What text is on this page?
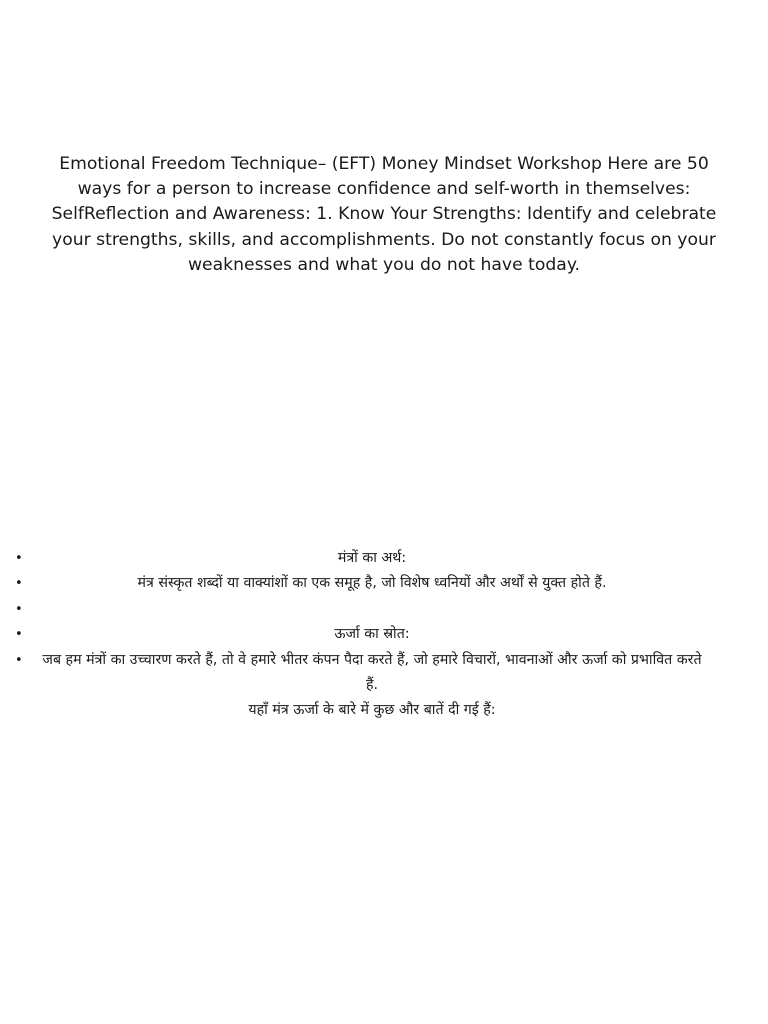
Emotional Freedom Technique– (EFT) Money Mindset Workshop Here are 50 ways for a person to increase confidence and self-worth in themselves: SelfReflection and Awareness: 1. Know Your Strengths: Identify and celebrate your strengths, skills, and accomplishments. Do not constantly focus on your weaknesses and what you do not have today.

•	मंत्रों का अर्थ:
•	मंत्र संस्कृत शब्दों या वाक्यांशों का एक समूह है, जो विशेष ध्वनियों और अर्थों से युक्त होते हैं.
•
•	ऊर्जा का स्रोत:
• जब हम मंत्रों का उच्चारण करते हैं, तो वे हमारे भीतर कंपन पैदा करते हैं, जो हमारे विचारों, भावनाओं और ऊर्जा को प्रभावित करते हैं.

यहाँ मंत्र ऊर्जा के बारे में कुछ और बातें दी गई हैं:
